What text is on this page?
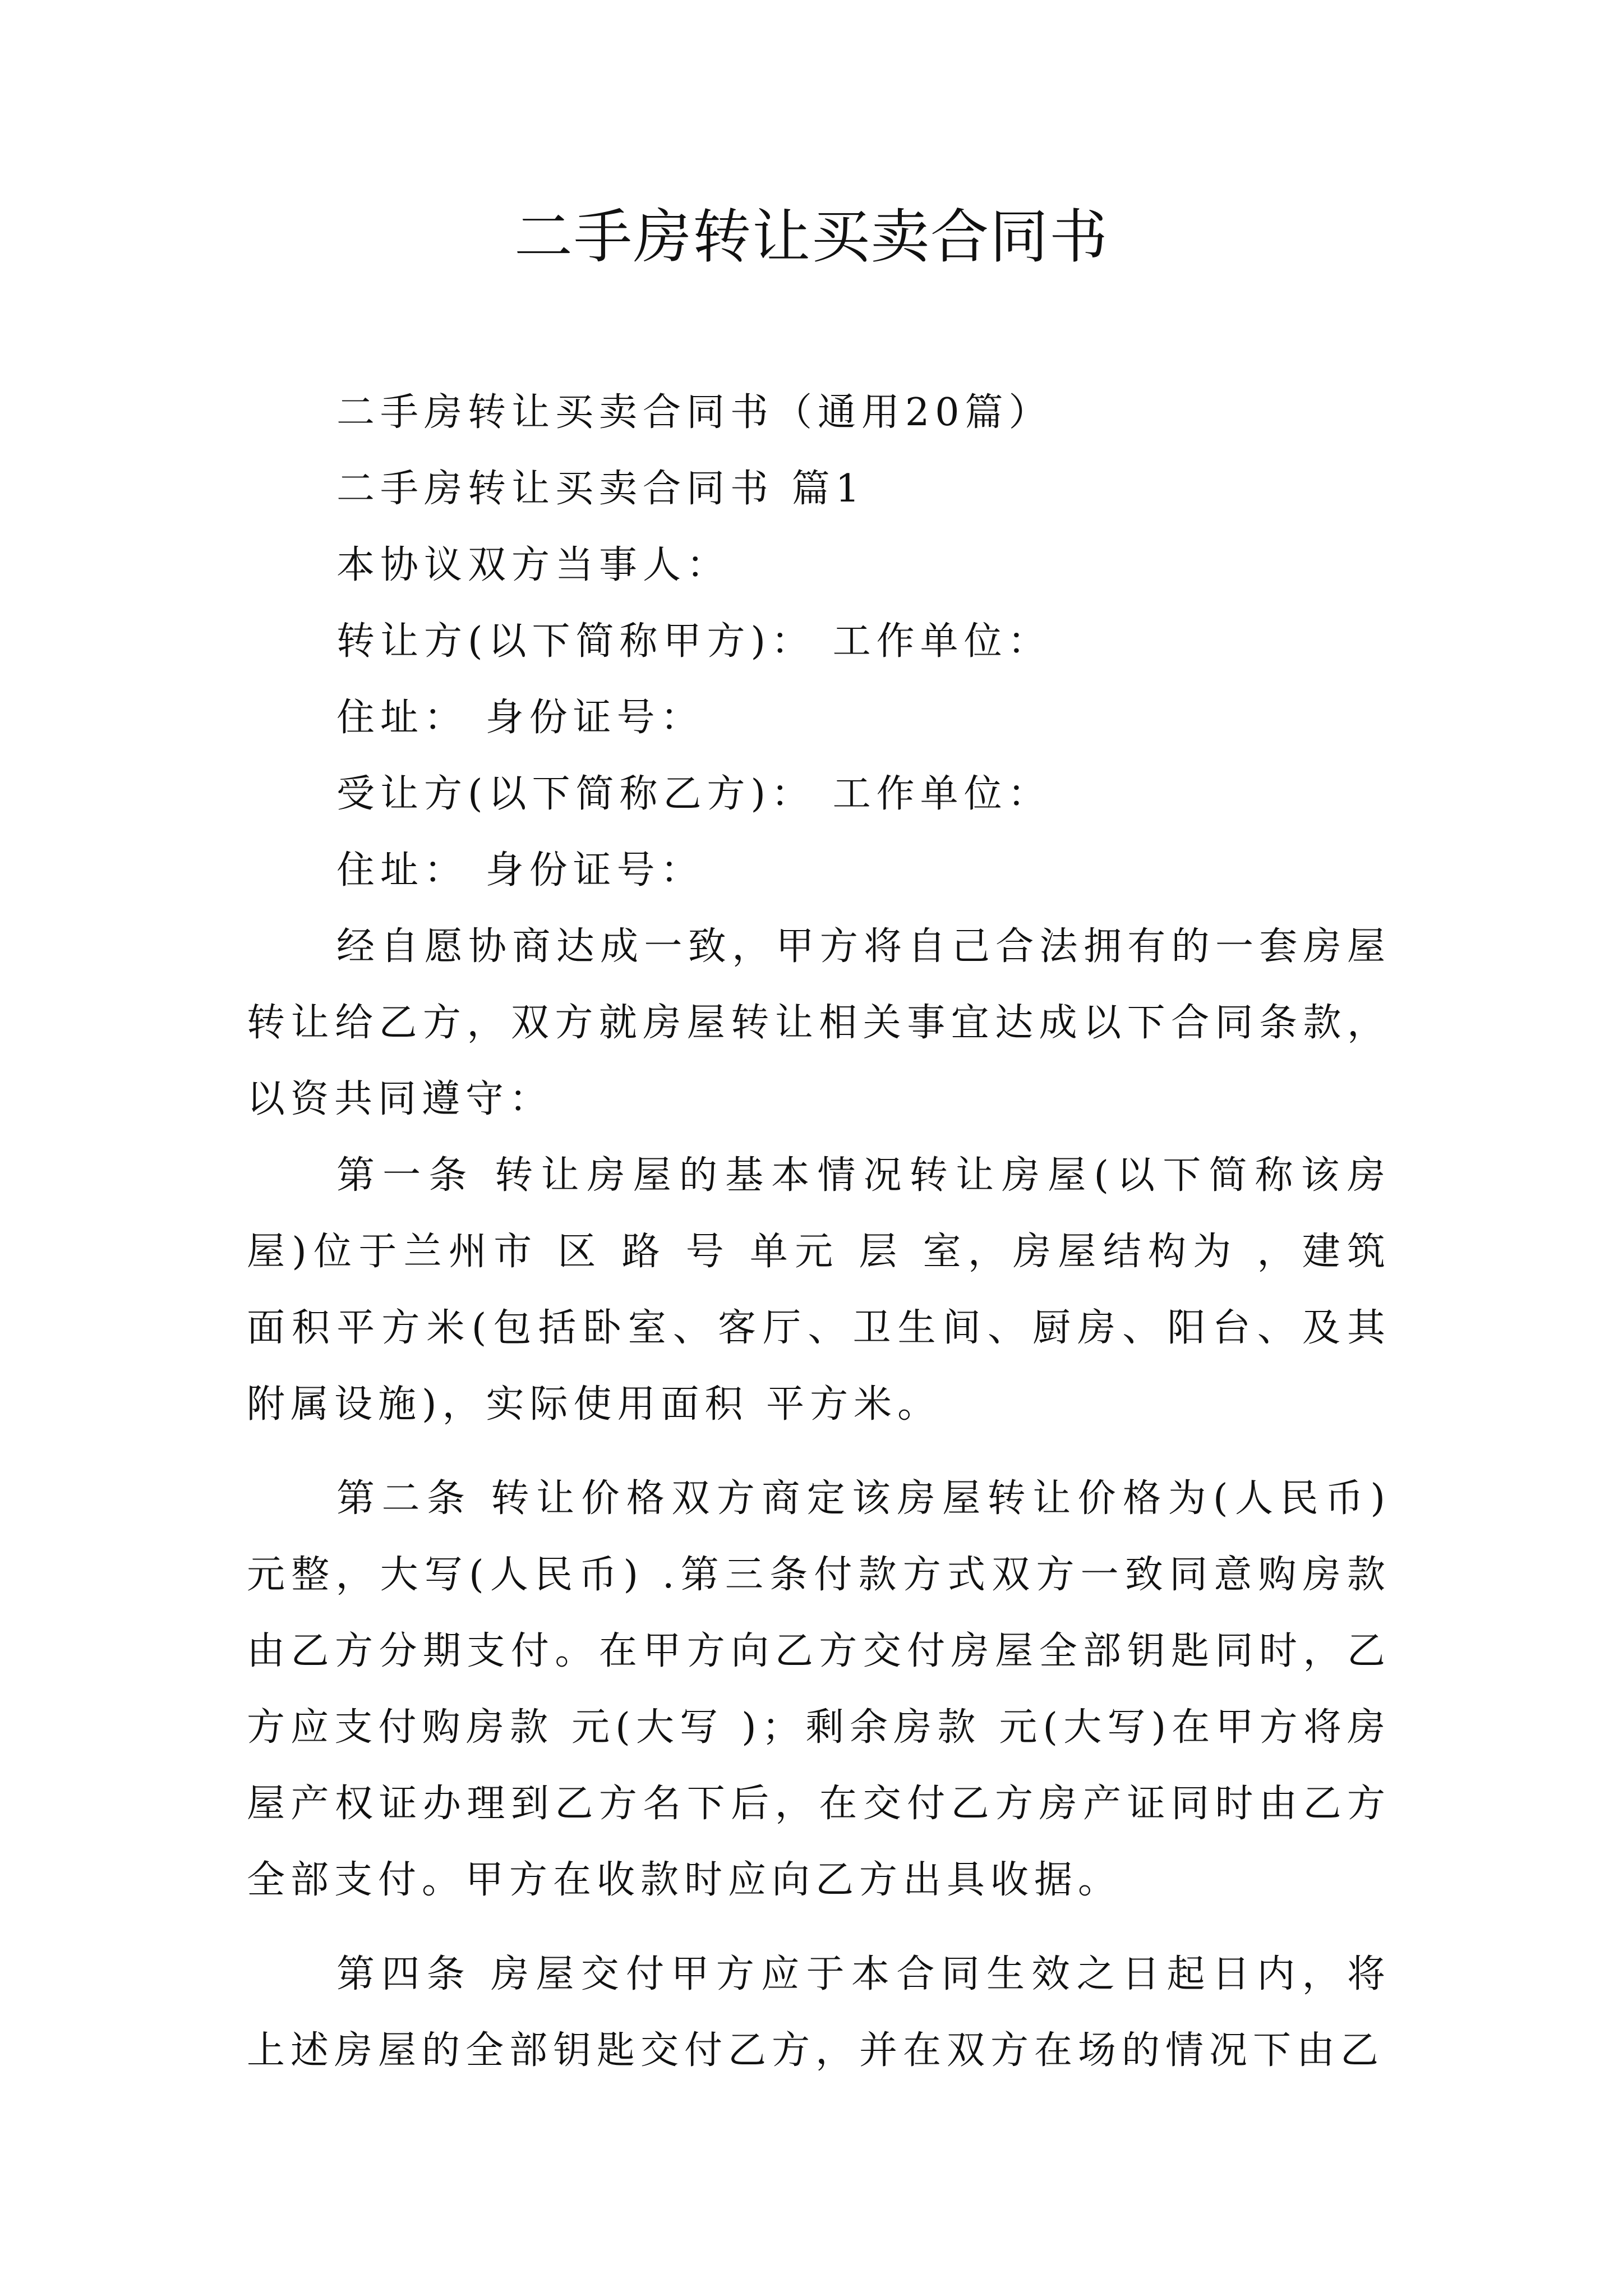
二手房转让买卖合同书

二手房转让买卖合同书（通用20篇）

二手房转让买卖合同书 篇1

本协议双方当事人：

转让方(以下简称甲方)： 工作单位：

住址： 身份证号：

受让方(以下简称乙方)： 工作单位：

住址： 身份证号：

经自愿协商达成一致，甲方将自己合法拥有的一套房屋转让给乙方，双方就房屋转让相关事宜达成以下合同条款，以资共同遵守：

第一条 转让房屋的基本情况转让房屋(以下简称该房屋)位于兰州市 区 路 号 单元 层 室，房屋结构为 ，建筑面积平方米(包括卧室、客厅、卫生间、厨房、阳台、及其附属设施)，实际使用面积 平方米。

第二条 转让价格双方商定该房屋转让价格为(人民币)元整，大写(人民币) .第三条付款方式双方一致同意购房款由乙方分期支付。在甲方向乙方交付房屋全部钥匙同时，乙方应支付购房款 元(大写 )；剩余房款 元(大写)在甲方将房屋产权证办理到乙方名下后，在交付乙方房产证同时由乙方全部支付。甲方在收款时应向乙方出具收据。

第四条 房屋交付甲方应于本合同生效之日起日内，将上述房屋的全部钥匙交付乙方，并在双方在场的情况下由乙
